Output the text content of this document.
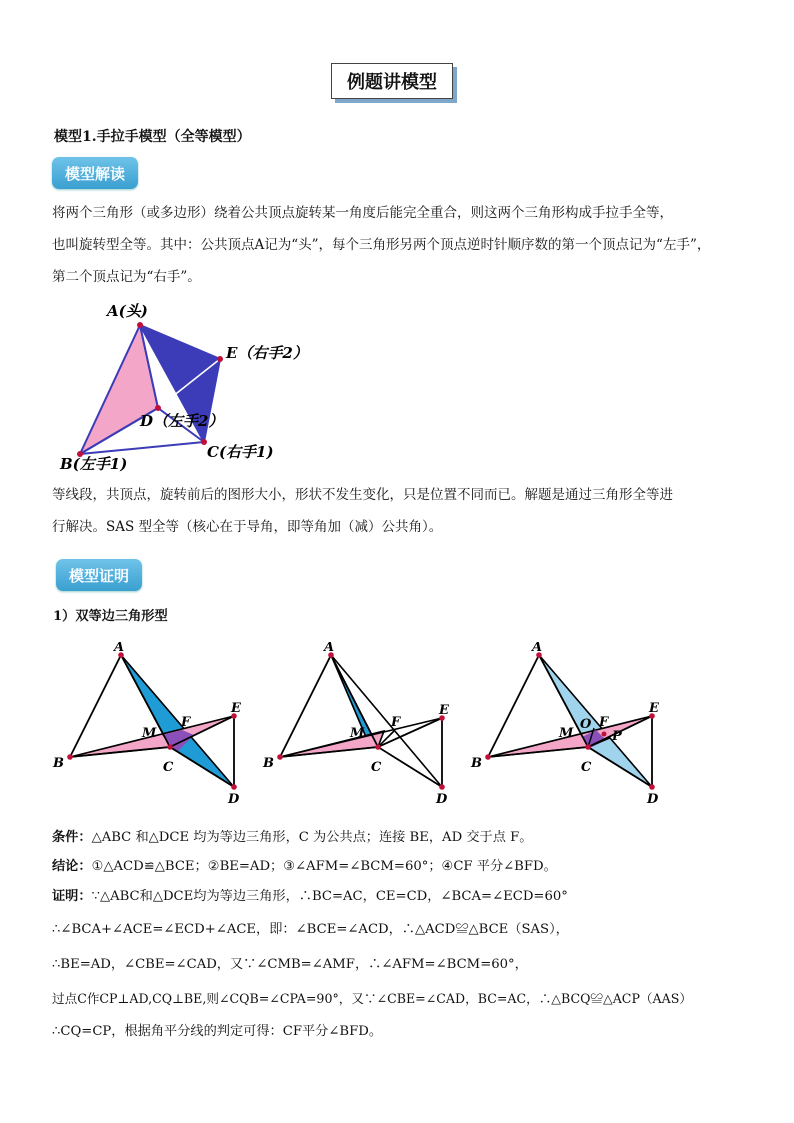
例题讲模型
模型1.手拉手模型（全等模型）
模型解读
将两个三角形（或多边形）绕着公共顶点旋转某一角度后能完全重合，则这两个三角形构成手拉手全等，
也叫旋转型全等。其中：公共顶点A记为“头”，每个三角形另两个顶点逆时针顺序数的第一个顶点记为“左手”，
第二个顶点记为“右手”。
A(头)
E（右手2）
D（左手2）
C(右手1)
B(左手1)
等线段，共顶点，旋转前后的图形大小，形状不发生变化，只是位置不同而已。解题是通过三角形全等进
行解决。SAS 型全等（核心在于导角，即等角加（减）公共角）。
模型证明
1）双等边三角形型
A
B	C
D
E
F
M
A
B	C
D
E
F
M
A
B	C
D
E
F
M
O
P
条件：△ABC 和△DCE 均为等边三角形，C 为公共点；连接 BE，AD 交于点 F。
结论：①△ACD≌△BCE；②BE=AD；③∠AFM=∠BCM=60°；④CF 平分∠BFD。
证明：∵△ABC和△DCE均为等边三角形，∴BC=AC，CE=CD，∠BCA=∠ECD=60°
∴∠BCA+∠ACE=∠ECD+∠ACE，即：∠BCE=∠ACD，∴△ACD≌△BCE（SAS），
∴BE=AD，∠CBE=∠CAD，又∵∠CMB=∠AMF，∴∠AFM=∠BCM=60°，
过点C作CP⊥AD,CQ⊥BE,则∠CQB=∠CPA=90°，又∵∠CBE=∠CAD，BC=AC，∴△BCQ≌△ACP（AAS）
∴CQ=CP，根据角平分线的判定可得：CF平分∠BFD。
